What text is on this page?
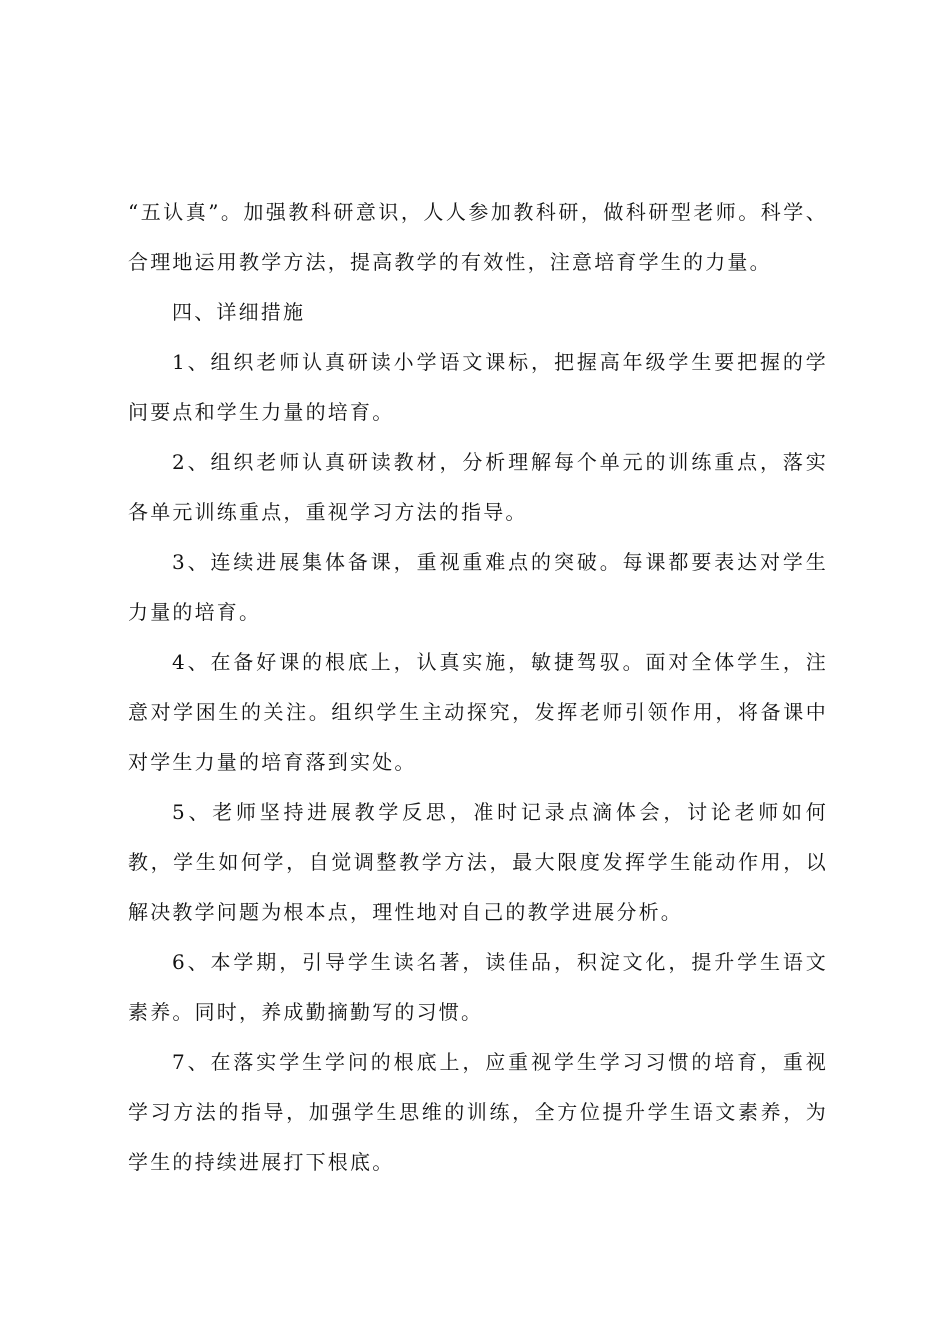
“五认真”。加强教科研意识，人人参加教科研，做科研型老师。科学、合理地运用教学方法，提高教学的有效性，注意培育学生的力量。

四、详细措施

1、组织老师认真研读小学语文课标，把握高年级学生要把握的学问要点和学生力量的培育。

2、组织老师认真研读教材，分析理解每个单元的训练重点，落实各单元训练重点，重视学习方法的指导。

3、连续进展集体备课，重视重难点的突破。每课都要表达对学生力量的培育。

4、在备好课的根底上，认真实施，敏捷驾驭。面对全体学生，注意对学困生的关注。组织学生主动探究，发挥老师引领作用，将备课中对学生力量的培育落到实处。

5、老师坚持进展教学反思，准时记录点滴体会，讨论老师如何教，学生如何学，自觉调整教学方法，最大限度发挥学生能动作用，以解决教学问题为根本点，理性地对自己的教学进展分析。

6、本学期，引导学生读名著，读佳品，积淀文化，提升学生语文素养。同时，养成勤摘勤写的习惯。

7、在落实学生学问的根底上，应重视学生学习习惯的培育，重视学习方法的指导，加强学生思维的训练，全方位提升学生语文素养，为学生的持续进展打下根底。
